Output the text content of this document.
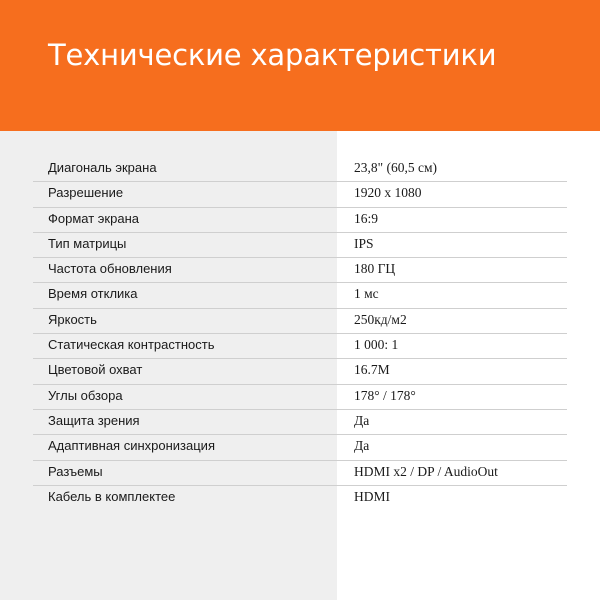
Технические характеристики
Диагональ экрана	23,8" (60,5 см)
Разрешение	1920 x 1080
Формат экрана	16:9
Тип матрицы	IPS
Частота обновления	180 ГЦ
Время отклика	1 мс
Яркость	250кд/м2
Статическая контрастность	1 000: 1
Цветовой охват	16.7M
Углы обзора	178° / 178°
Защита зрения	Да
Адаптивная синхронизация	Да
Разъемы	HDMI x2 / DP / AudioOut
Кабель в комплектее	HDMI
